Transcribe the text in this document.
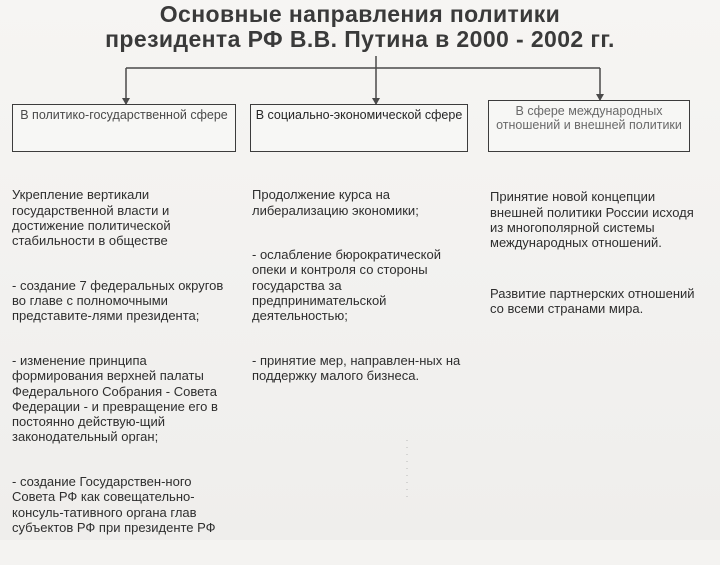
Основные направления политики
президента РФ В.В. Путина в 2000 - 2002 гг.
В политико-государственной сфере	В социально-экономической сфере	В сфере международных отношений и внешней политики

Укрепление вертикали государственной власти и достижение политической стабильности в обществе

- создание 7 федеральных округов во главе с полномочными представите-лями президента;

- изменение принципа формирования верхней палаты Федерального Собрания - Совета Федерации - и превращение его в постоянно действую-щий законодательный орган;

- создание Государствен-ного Совета РФ как совещательно-консуль-тативного органа глав субъектов РФ при президенте РФ

Продолжение курса на либерализацию экономики;

- ослабление бюрократической опеки и контроля со стороны государства за предпринимательской деятельностью;

- принятие мер, направлен-ных на поддержку малого бизнеса.

Принятие новой концепции внешней политики России исходя из многополярной системы международных отношений.

Развитие партнерских отношений со всеми странами мира.
